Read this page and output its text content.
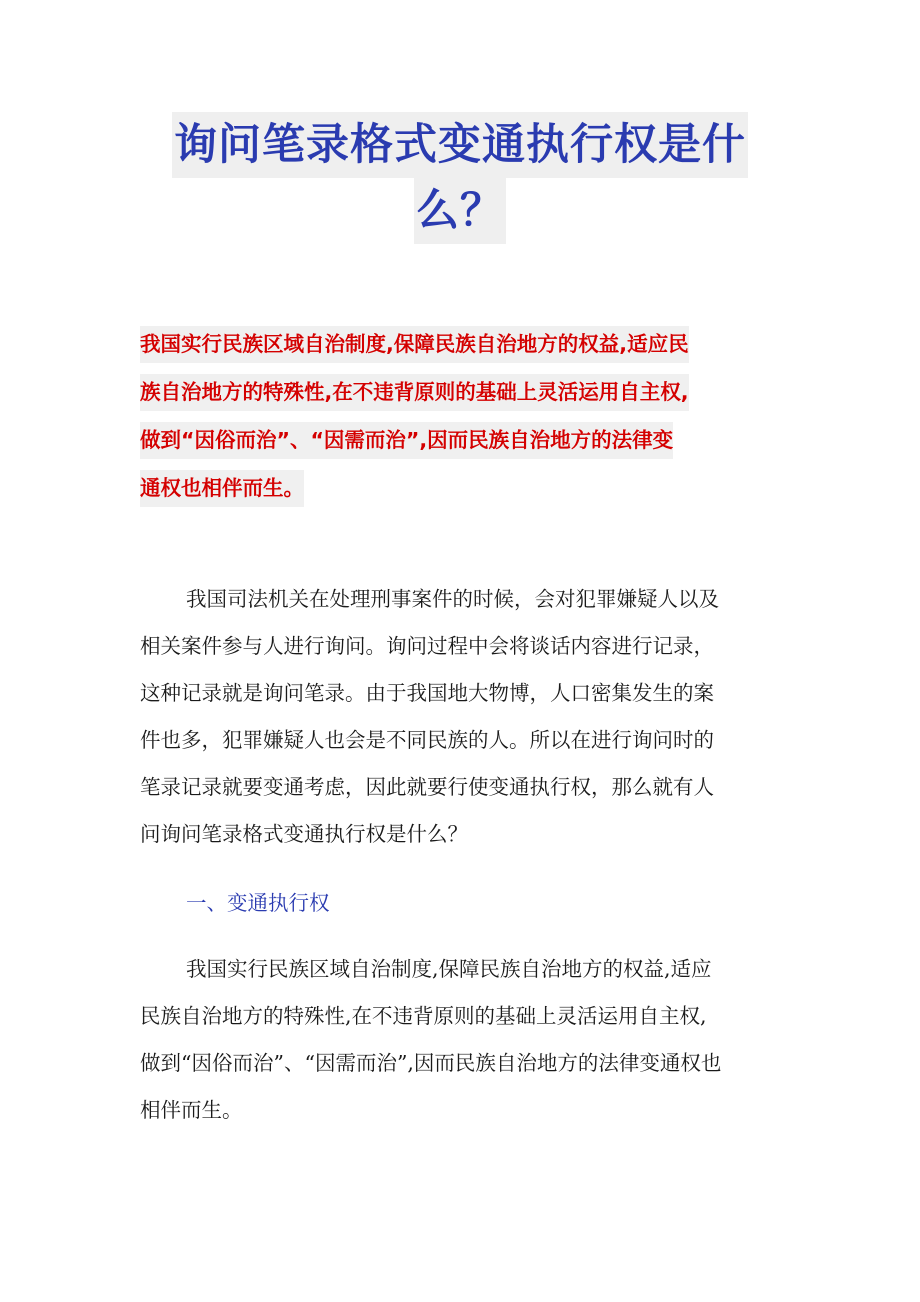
询问笔录格式变通执行权是什
么？
我国实行民族区域自治制度,保障民族自治地方的权益,适应民
族自治地方的特殊性,在不违背原则的基础上灵活运用自主权,
做到“因俗而治”、“因需而治”,因而民族自治地方的法律变
通权也相伴而生。
我国司法机关在处理刑事案件的时候，会对犯罪嫌疑人以及
相关案件参与人进行询问。询问过程中会将谈话内容进行记录，
这种记录就是询问笔录。由于我国地大物博，人口密集发生的案
件也多，犯罪嫌疑人也会是不同民族的人。所以在进行询问时的
笔录记录就要变通考虑，因此就要行使变通执行权，那么就有人
问询问笔录格式变通执行权是什么？
一、变通执行权
我国实行民族区域自治制度,保障民族自治地方的权益,适应
民族自治地方的特殊性,在不违背原则的基础上灵活运用自主权,
做到“因俗而治”、“因需而治”,因而民族自治地方的法律变通权也
相伴而生。
